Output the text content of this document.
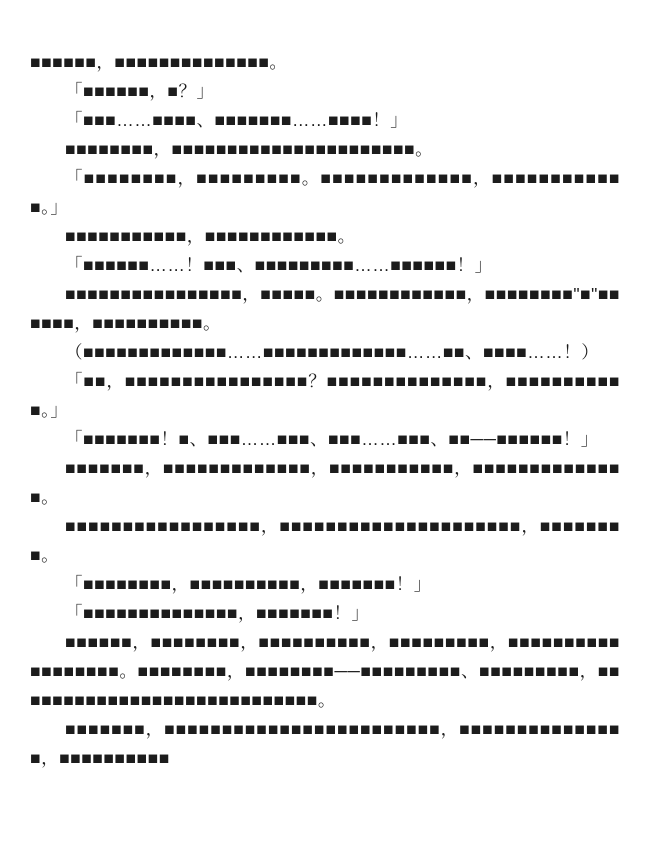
■■■■■■，■■■■■■■■■■■■■■。

「■■■■■■，■？」

「■■■……■■■■、■■■■■■■……■■■■！」

■■■■■■■■，■■■■■■■■■■■■■■■■■■■■■■。

「■■■■■■■■，■■■■■■■■■。■■■■■■■■■■■■■，■■■■■■■■■■■■。」

■■■■■■■■■■■，■■■■■■■■■■■■。

「■■■■■■……！■■■、■■■■■■■■■……■■■■■■！」

■■■■■■■■■■■■■■■■，■■■■■。■■■■■■■■■■■■，■■■■■■■■"■"■■■■■■，■■■■■■■■■■。

（■■■■■■■■■■■■■……■■■■■■■■■■■■■……■■、■■■■……！）

「■■，■■■■■■■■■■■■■■■■？■■■■■■■■■■■■■■，■■■■■■■■■■■。」

「■■■■■■■！■、■■■……■■■、■■■……■■■、■■──■■■■■■！」

■■■■■■■，■■■■■■■■■■■■■，■■■■■■■■■■■，■■■■■■■■■■■■■■。

■■■■■■■■■■■■■■■■■，■■■■■■■■■■■■■■■■■■■■■，■■■■■■■■。

「■■■■■■■■，■■■■■■■■■■，■■■■■■■！」

「■■■■■■■■■■■■■■，■■■■■■■！」

■■■■■■，■■■■■■■■，■■■■■■■■■■，■■■■■■■■■，■■■■■■■■■■■■■■■■■■。■■■■■■■■，■■■■■■■■──■■■■■■■■■、■■■■■■■■■，■■■■■■■■■■■■■■■■■■■■■■■■■■■■。

■■■■■■■，■■■■■■■■■■■■■■■■■■■■■■■■，■■■■■■■■■■■■■■■，■■■■■■■■■■
